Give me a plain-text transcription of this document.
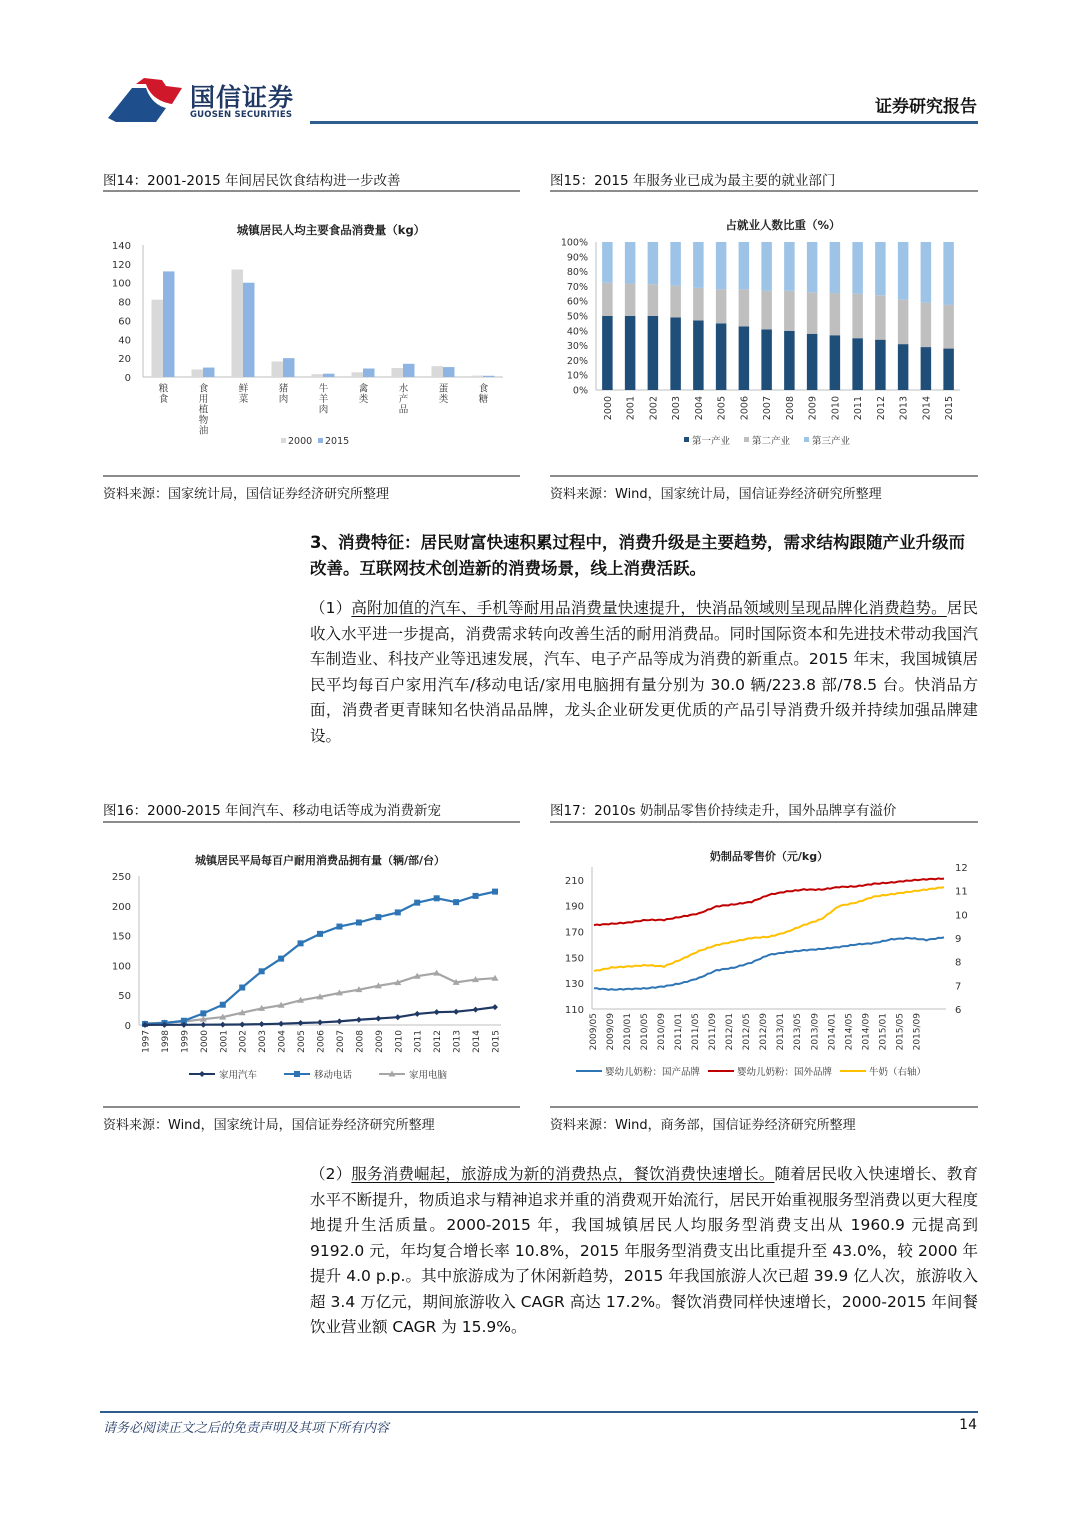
国信证券
GUOSEN SECURITIES	证券研究报告
图14：2001-2015 年间居民饮食结构进一步改善	图15：2015 年服务业已成为最主要的就业部门
城镇居民人均主要食品消费量（kg）
0
20
40
60
80
100
120
140
粮食	食用植物油	鲜菜	猪肉	牛羊肉	禽类	水产品	蛋类	食糖
2000 2015
占就业人数比重（%）
0%
10%
20%
30%
40%
50%
60%
70%
80%
90%
100%
2000 2001 2002 2003 2004 2005 2006 2007 2008 2009 2010 2011 2012 2013 2014 2015
第一产业 第二产业 第三产业
资料来源：国家统计局，国信证券经济研究所整理	资料来源：Wind，国家统计局，国信证券经济研究所整理
3、消费特征：居民财富快速积累过程中，消费升级是主要趋势，需求结构跟随产业升级而改善。互联网技术创造新的消费场景，线上消费活跃。
（1）高附加值的汽车、手机等耐用品消费量快速提升，快消品领域则呈现品牌化消费趋势。居民收入水平进一步提高，消费需求转向改善生活的耐用消费品。同时国际资本和先进技术带动我国汽车制造业、科技产业等迅速发展，汽车、电子产品等成为消费的新重点。2015 年末，我国城镇居民平均每百户家用汽车/移动电话/家用电脑拥有量分别为 30.0 辆/223.8 部/78.5 台。快消品方面，消费者更青睐知名快消品品牌，龙头企业研发更优质的产品引导消费升级并持续加强品牌建设。
图16：2000-2015 年间汽车、移动电话等成为消费新宠	图17：2010s 奶制品零售价持续走升，国外品牌享有溢价
城镇居民平局每百户耐用消费品拥有量（辆/部/台）
0
50
100
150
200
250
1997 1998 1999 2000 2001 2002 2003 2004 2005 2006 2007 2008 2009 2010 2011 2012 2013 2014 2015
家用汽车	移动电话	家用电脑
奶制品零售价（元/kg）
110
130
150
170
190
210
6
7
8
9
10
11
12
2009/05 2009/09 2010/01 2010/05 2010/09 2011/01 2011/05 2011/09 2012/01 2012/05 2012/09 2013/01 2013/05 2013/09 2014/01 2014/05 2014/09 2015/01 2015/05 2015/09
婴幼儿奶粉：国产品牌	婴幼儿奶粉：国外品牌	牛奶（右轴）
资料来源：Wind，国家统计局，国信证券经济研究所整理	资料来源：Wind，商务部，国信证券经济研究所整理
（2）服务消费崛起，旅游成为新的消费热点，餐饮消费快速增长。随着居民收入快速增长、教育水平不断提升，物质追求与精神追求并重的消费观开始流行，居民开始重视服务型消费以更大程度地提升生活质量。2000-2015 年，我国城镇居民人均服务型消费支出从 1960.9 元提高到 9192.0 元，年均复合增长率 10.8%，2015 年服务型消费支出比重提升至 43.0%，较 2000 年提升 4.0 p.p.。其中旅游成为了休闲新趋势，2015 年我国旅游人次已超 39.9 亿人次，旅游收入超 3.4 万亿元，期间旅游收入 CAGR 高达 17.2%。餐饮消费同样快速增长，2000-2015 年间餐饮业营业额 CAGR 为 15.9%。
请务必阅读正文之后的免责声明及其项下所有内容	14
